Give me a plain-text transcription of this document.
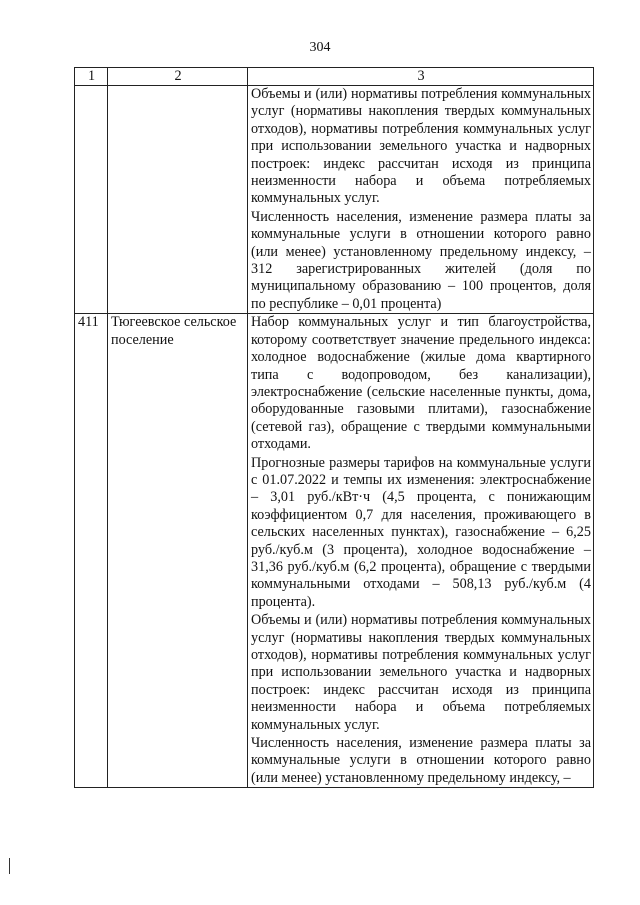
304
1	2	3

		Объемы и (или) нормативы потребления коммунальных услуг (нормативы накопления твердых коммунальных отходов), нормативы потребления коммунальных услуг при использовании земельного участка и надворных построек: индекс рассчитан исходя из принципа неизменности набора и объема потребляемых коммунальных услуг.
Численность населения, изменение размера платы за коммунальные услуги в отношении которого равно (или менее) установленному предельному индексу, – 312 зарегистрированных жителей (доля по муниципальному образованию – 100 процентов, доля по республике – 0,01 процента)

411	Тюгеевское сельское поселение	Набор коммунальных услуг и тип благоустройства, которому соответствует значение предельного индекса: холодное водоснабжение (жилые дома квартирного типа с водопроводом, без канализации), электроснабжение (сельские населенные пункты, дома, оборудованные газовыми плитами), газоснабжение (сетевой газ), обращение с твердыми коммунальными отходами.
Прогнозные размеры тарифов на коммунальные услуги с 01.07.2022 и темпы их изменения: электроснабжение – 3,01 руб./кВт·ч (4,5 процента, с понижающим коэффициентом 0,7 для населения, проживающего в сельских населенных пунктах), газоснабжение – 6,25 руб./куб.м (3 процента), холодное водоснабжение – 31,36 руб./куб.м (6,2 процента), обращение с твердыми коммунальными отходами – 508,13 руб./куб.м (4 процента).
Объемы и (или) нормативы потребления коммунальных услуг (нормативы накопления твердых коммунальных отходов), нормативы потребления коммунальных услуг при использовании земельного участка и надворных построек: индекс рассчитан исходя из принципа неизменности набора и объема потребляемых коммунальных услуг.
Численность населения, изменение размера платы за коммунальные услуги в отношении которого равно (или менее) установленному предельному индексу, –
